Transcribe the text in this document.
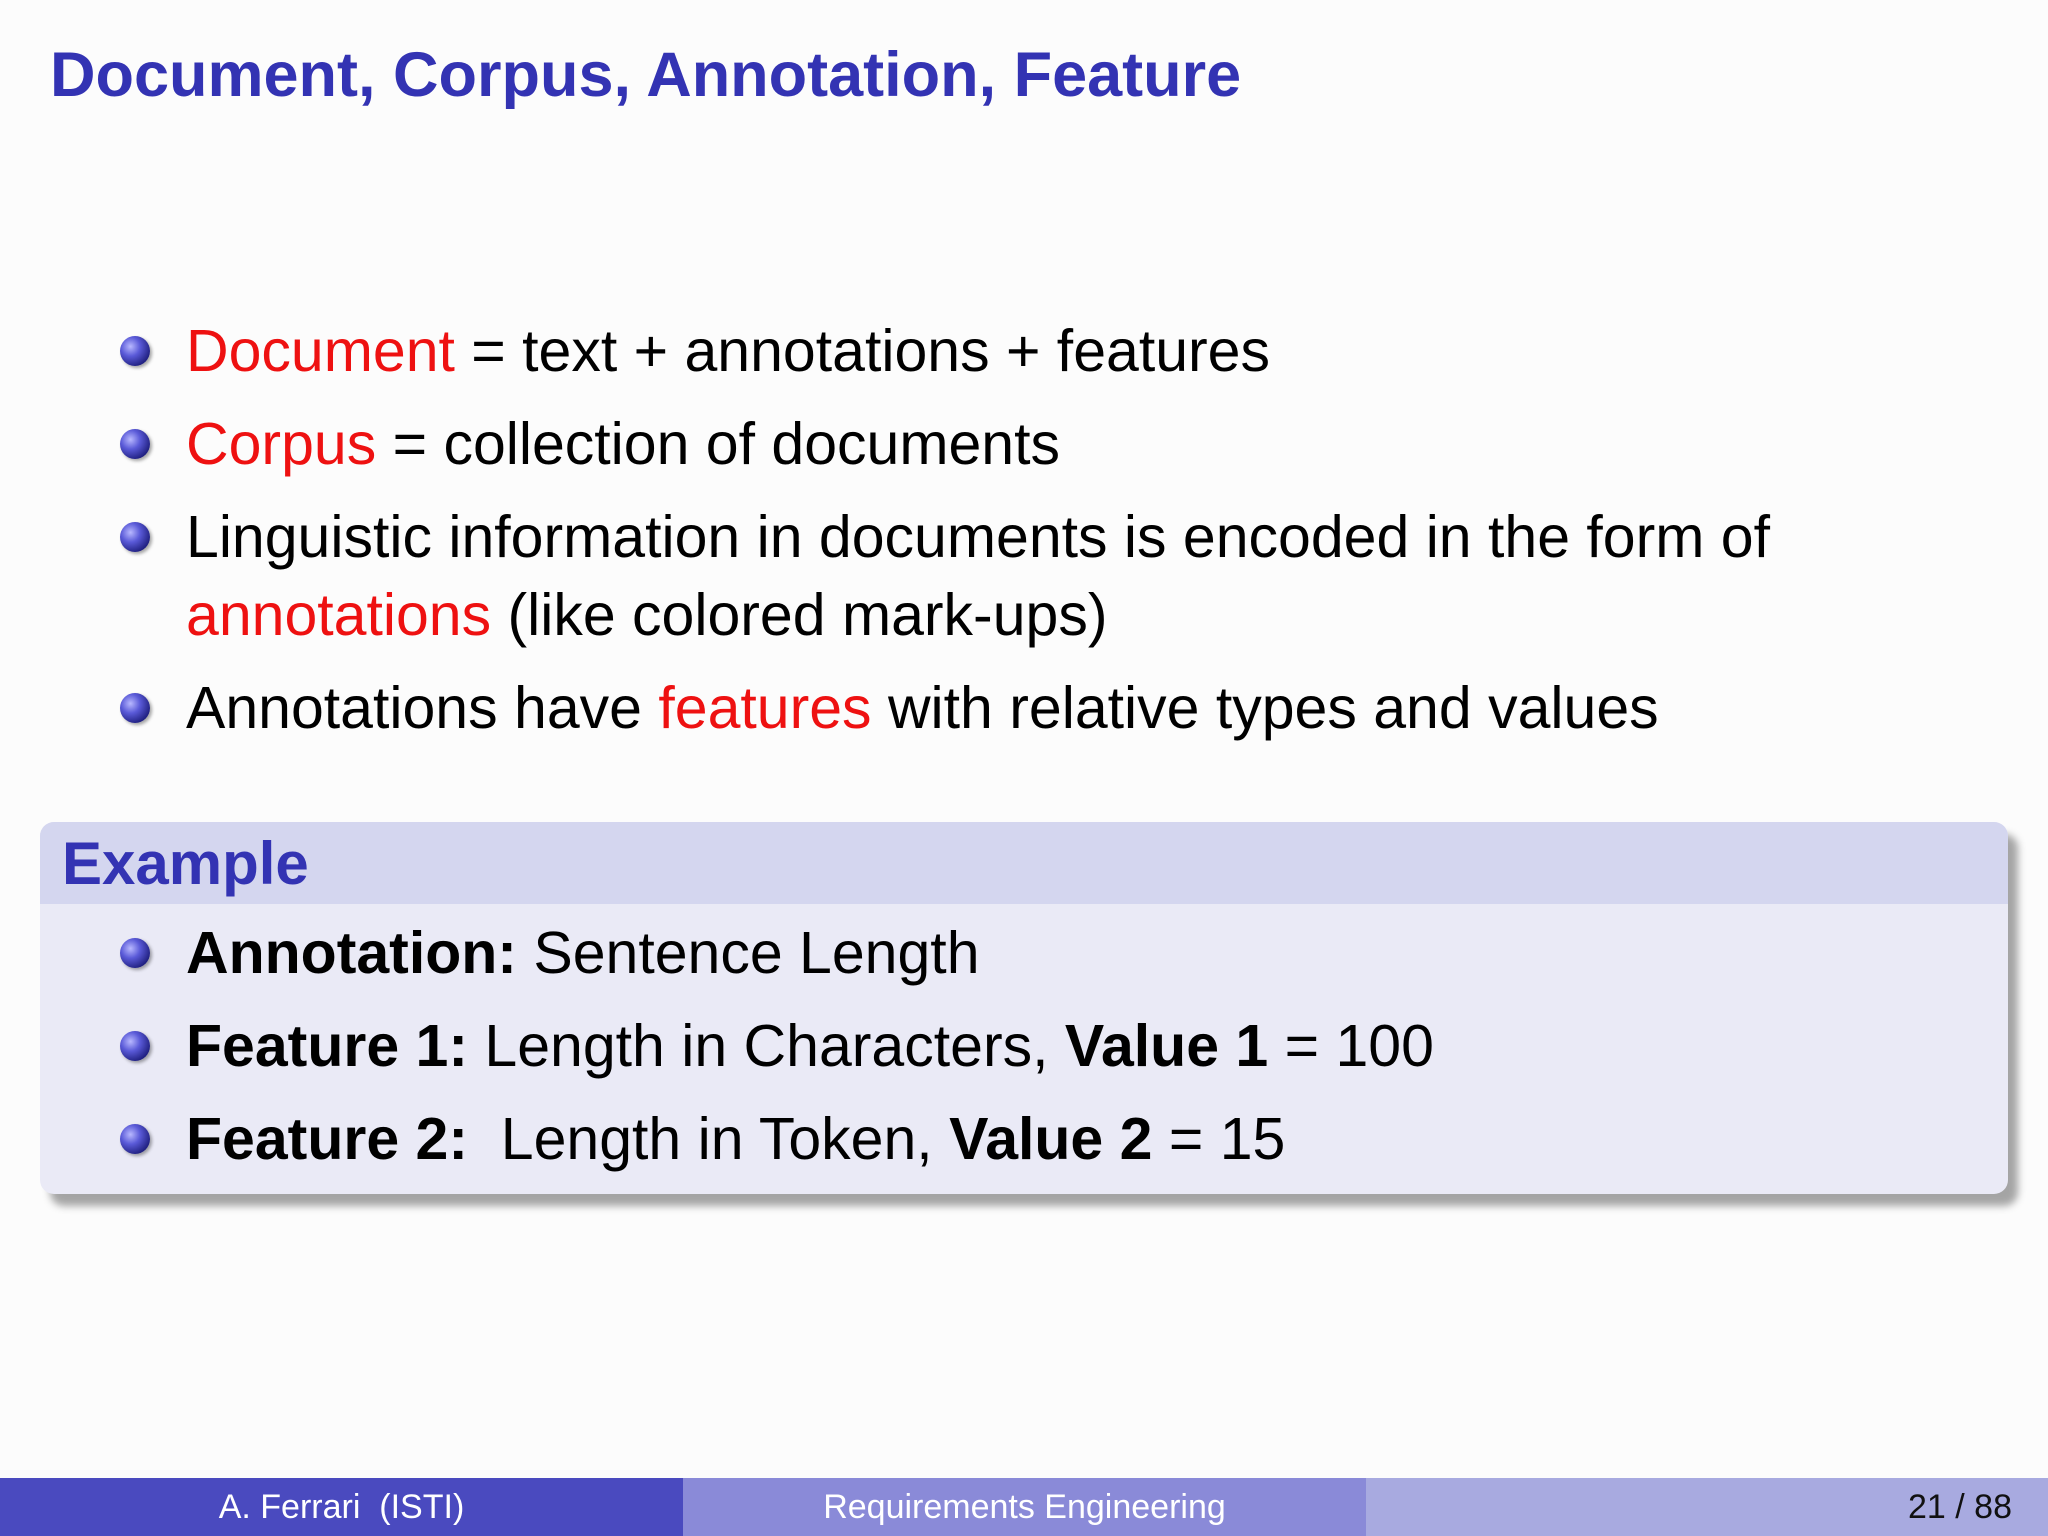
Document, Corpus, Annotation, Feature
Document = text + annotations + features
Corpus = collection of documents
Linguistic information in documents is encoded in the form of
annotations (like colored mark-ups)
Annotations have features with relative types and values
Example
Annotation: Sentence Length
Feature 1: Length in Characters, Value 1 = 100
Feature 2:  Length in Token, Value 2 = 15
A. Ferrari  (ISTI)	Requirements Engineering	21 / 88
